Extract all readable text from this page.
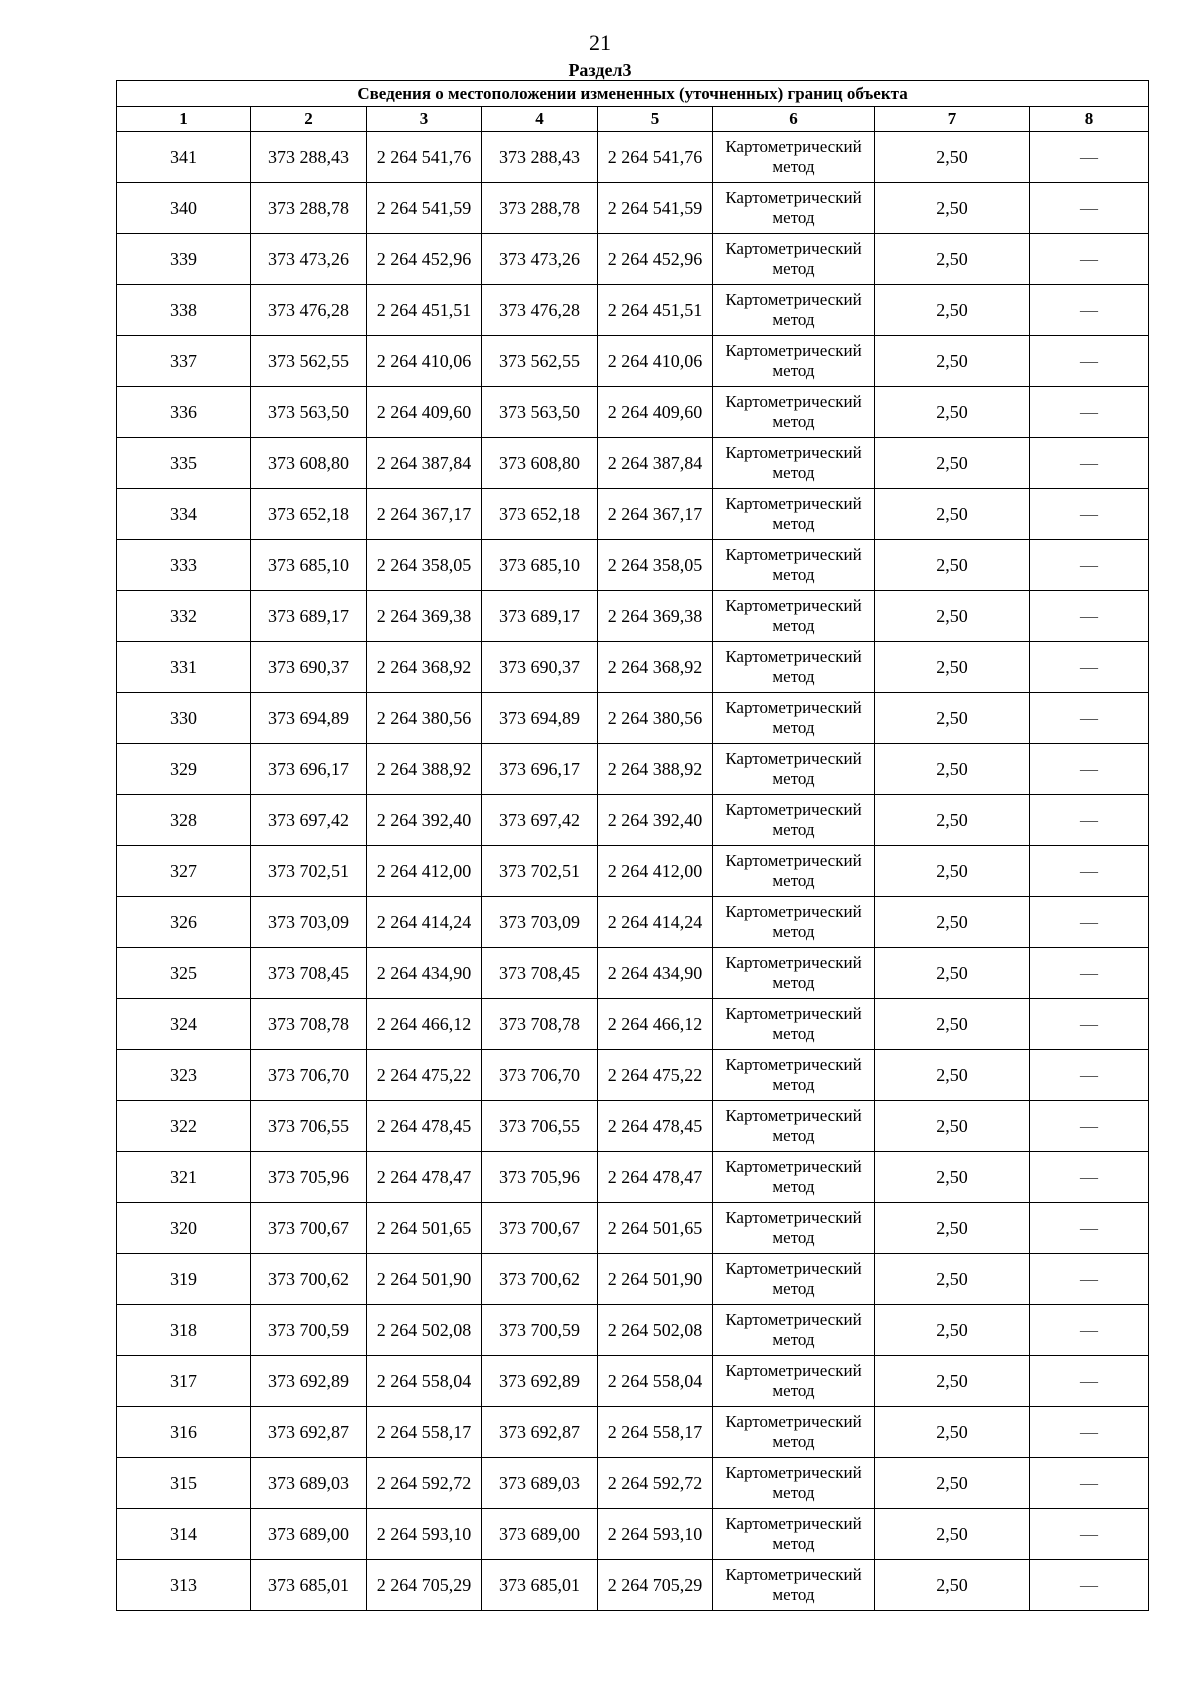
21
Раздел3
Сведения о местоположении измененных (уточненных) границ объекта							
1	2	3	4	5	6	7	8
341	373 288,43	2 264 541,76	373 288,43	2 264 541,76	Картометрический метод	2,50	—
340	373 288,78	2 264 541,59	373 288,78	2 264 541,59	Картометрический метод	2,50	—
339	373 473,26	2 264 452,96	373 473,26	2 264 452,96	Картометрический метод	2,50	—
338	373 476,28	2 264 451,51	373 476,28	2 264 451,51	Картометрический метод	2,50	—
337	373 562,55	2 264 410,06	373 562,55	2 264 410,06	Картометрический метод	2,50	—
336	373 563,50	2 264 409,60	373 563,50	2 264 409,60	Картометрический метод	2,50	—
335	373 608,80	2 264 387,84	373 608,80	2 264 387,84	Картометрический метод	2,50	—
334	373 652,18	2 264 367,17	373 652,18	2 264 367,17	Картометрический метод	2,50	—
333	373 685,10	2 264 358,05	373 685,10	2 264 358,05	Картометрический метод	2,50	—
332	373 689,17	2 264 369,38	373 689,17	2 264 369,38	Картометрический метод	2,50	—
331	373 690,37	2 264 368,92	373 690,37	2 264 368,92	Картометрический метод	2,50	—
330	373 694,89	2 264 380,56	373 694,89	2 264 380,56	Картометрический метод	2,50	—
329	373 696,17	2 264 388,92	373 696,17	2 264 388,92	Картометрический метод	2,50	—
328	373 697,42	2 264 392,40	373 697,42	2 264 392,40	Картометрический метод	2,50	—
327	373 702,51	2 264 412,00	373 702,51	2 264 412,00	Картометрический метод	2,50	—
326	373 703,09	2 264 414,24	373 703,09	2 264 414,24	Картометрический метод	2,50	—
325	373 708,45	2 264 434,90	373 708,45	2 264 434,90	Картометрический метод	2,50	—
324	373 708,78	2 264 466,12	373 708,78	2 264 466,12	Картометрический метод	2,50	—
323	373 706,70	2 264 475,22	373 706,70	2 264 475,22	Картометрический метод	2,50	—
322	373 706,55	2 264 478,45	373 706,55	2 264 478,45	Картометрический метод	2,50	—
321	373 705,96	2 264 478,47	373 705,96	2 264 478,47	Картометрический метод	2,50	—
320	373 700,67	2 264 501,65	373 700,67	2 264 501,65	Картометрический метод	2,50	—
319	373 700,62	2 264 501,90	373 700,62	2 264 501,90	Картометрический метод	2,50	—
318	373 700,59	2 264 502,08	373 700,59	2 264 502,08	Картометрический метод	2,50	—
317	373 692,89	2 264 558,04	373 692,89	2 264 558,04	Картометрический метод	2,50	—
316	373 692,87	2 264 558,17	373 692,87	2 264 558,17	Картометрический метод	2,50	—
315	373 689,03	2 264 592,72	373 689,03	2 264 592,72	Картометрический метод	2,50	—
314	373 689,00	2 264 593,10	373 689,00	2 264 593,10	Картометрический метод	2,50	—
313	373 685,01	2 264 705,29	373 685,01	2 264 705,29	Картометрический метод	2,50	—
